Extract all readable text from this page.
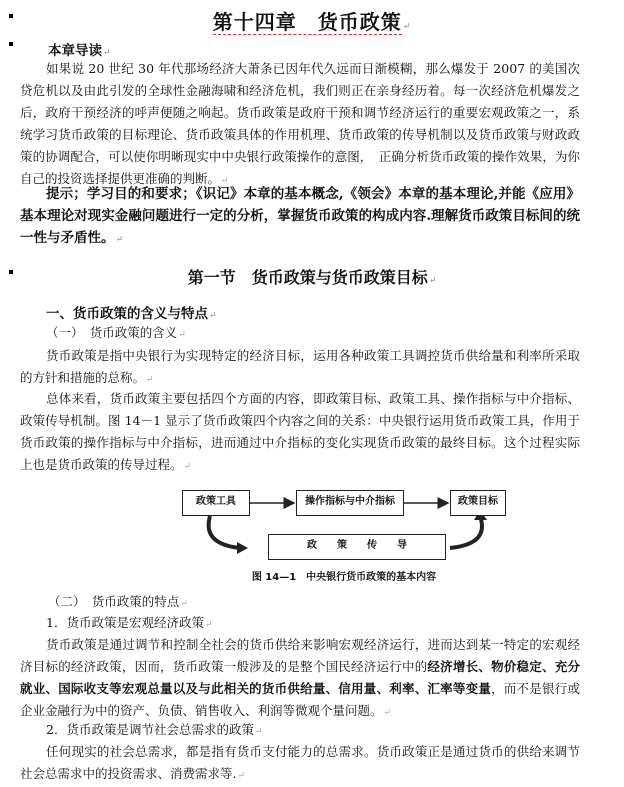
第十四章　货币政策↵
本章导读↵
如果说 20 世纪 30 年代那场经济大萧条已因年代久远而日渐模糊，那么爆发于 2007 的美国次贷危机以及由此引发的全球性金融海啸和经济危机，我们则正在亲身经历着。每一次经济危机爆发之后，政府干预经济的呼声便随之响起。货币政策是政府干预和调节经济运行的重要宏观政策之一，系统学习货币政策的目标理论、货币政策具体的作用机理、货币政策的传导机制以及货币政策与财政政策的协调配合，可以使你明晰现实中中央银行政策操作的意图，　正确分析货币政策的操作效果，为你自己的投资选择提供更准确的判断。↵
提示；学习目的和要求；《识记》本章的基本概念,《领会》本章的基本理论,并能《应用》基本理论对现实金融问题进行一定的分析，掌握货币政策的构成内容.理解货币政策目标间的统一性与矛盾性。↵
第一节　货币政策与货币政策目标↵
一、货币政策的含义与特点↵
（一）　货币政策的含义↵
货币政策是指中央银行为实现特定的经济目标，运用各种政策工具调控货币供给量和利率所采取的方针和措施的总称。↵
总体来看，货币政策主要包括四个方面的内容，即政策目标、政策工具、操作指标与中介指标、政策传导机制。图 14－1 显示了货币政策四个内容之间的关系：中央银行运用货币政策工具，作用于货币政策的操作指标与中介指标，进而通过中介指标的变化实现货币政策的最终目标。这个过程实际上也是货币政策的传导过程。↵
政策工具	操作指标与中介指标	政策目标
政　　策　　传　　导
图 14—1　中央银行货币政策的基本内容
（二）　货币政策的特点↵
1．货币政策是宏观经济政策↵
货币政策是通过调节和控制全社会的货币供给来影响宏观经济运行，进而达到某一特定的宏观经济目标的经济政策，因而，货币政策一般涉及的是整个国民经济运行中的经济增长、物价稳定、充分就业、国际收支等宏观总量以及与此相关的货币供给量、信用量、利率、汇率等变量，而不是银行或企业金融行为中的资产、负债、销售收入、利润等微观个量问题。↵
2．货币政策是调节社会总需求的政策↵
任何现实的社会总需求，都是指有货币支付能力的总需求。货币政策正是通过货币的供给来调节社会总需求中的投资需求、消费需求等.↵
